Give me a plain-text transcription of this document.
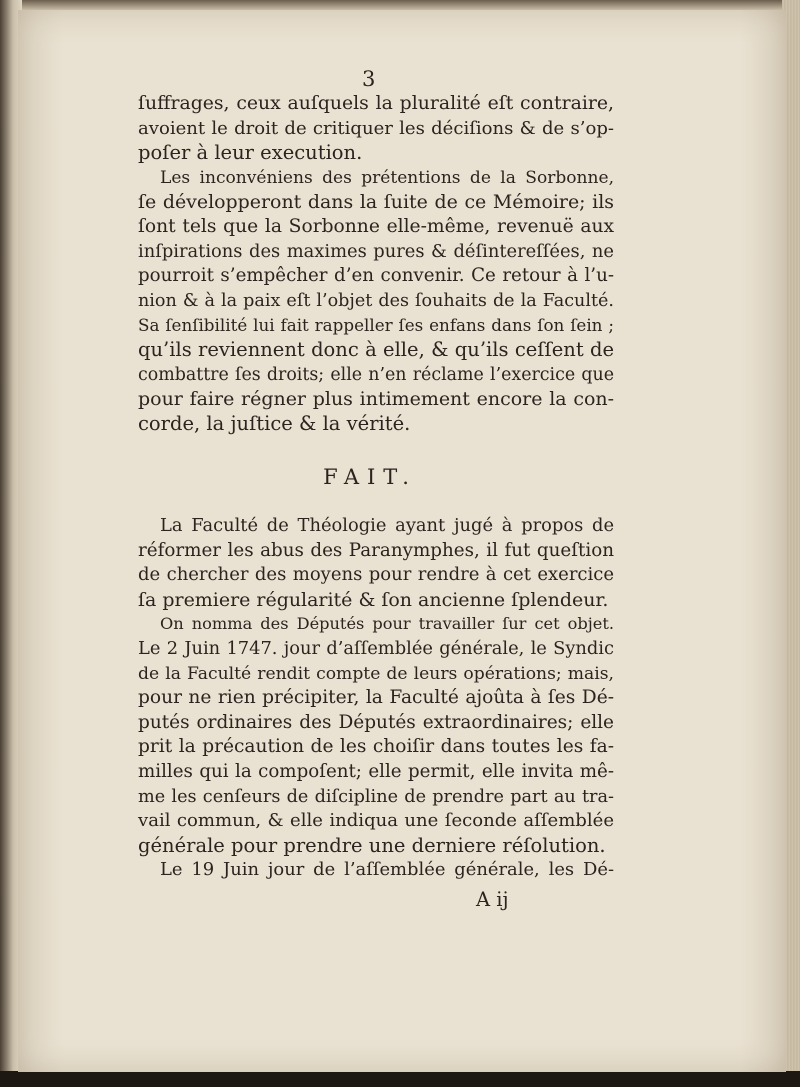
3
ſuffrages, ceux auſquels la pluralité eſt contraire,
avoient le droit de critiquer les déciſions & de s’op-
poſer à leur execution.
Les inconvéniens des prétentions de la Sorbonne,
ſe développeront dans la ſuite de ce Mémoire; ils
ſont tels que la Sorbonne elle-même, revenuë aux
inſpirations des maximes pures & déſintereſſées, ne
pourroit s’empêcher d’en convenir. Ce retour à l’u-
nion & à la paix eſt l’objet des ſouhaits de la Faculté.
Sa ſenſibilité lui fait rappeller ſes enfans dans ſon ſein ;
qu’ils reviennent donc à elle, & qu’ils ceſſent de
combattre ſes droits; elle n’en réclame l’exercice que
pour faire régner plus intimement encore la con-
corde, la juſtice & la vérité.
FAIT.
La Faculté de Théologie ayant jugé à propos de
réformer les abus des Paranymphes, il fut queſtion
de chercher des moyens pour rendre à cet exercice
ſa premiere régularité & ſon ancienne ſplendeur.
On nomma des Députés pour travailler ſur cet objet.
Le 2 Juin 1747. jour d’aſſemblée générale, le Syndic
de la Faculté rendit compte de leurs opérations; mais,
pour ne rien précipiter, la Faculté ajoûta à ſes Dé-
putés ordinaires des Députés extraordinaires; elle
prit la précaution de les choiſir dans toutes les fa-
milles qui la compoſent; elle permit, elle invita mê-
me les cenſeurs de diſcipline de prendre part au tra-
vail commun, & elle indiqua une ſeconde aſſemblée
générale pour prendre une derniere réſolution.
Le 19 Juin jour de l’aſſemblée générale, les Dé-
A ij
